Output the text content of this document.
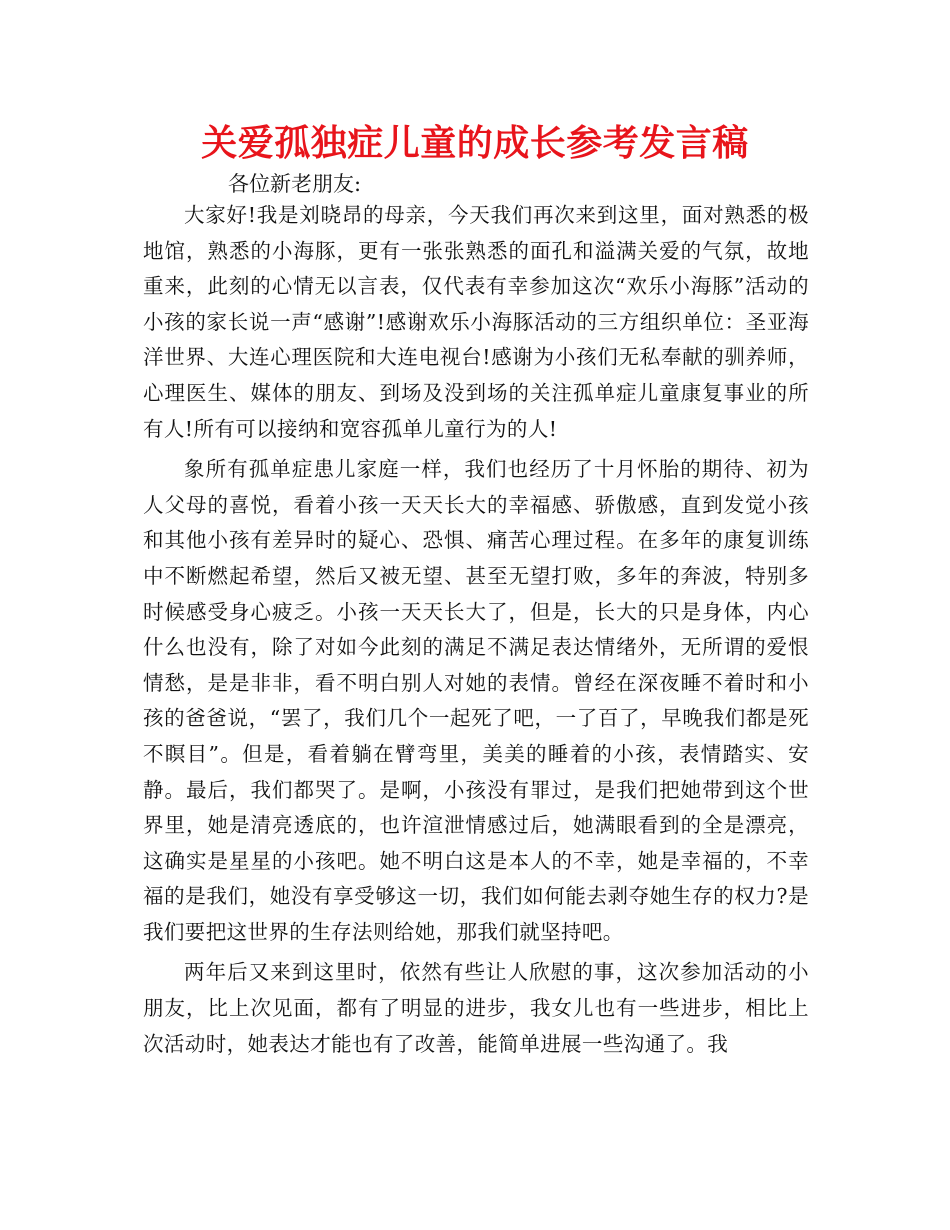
关爱孤独症儿童的成长参考发言稿
各位新老朋友:

大家好!我是刘晓昂的母亲，今天我们再次来到这里，面对熟悉的极地馆，熟悉的小海豚，更有一张张熟悉的面孔和溢满关爱的气氛，故地重来，此刻的心情无以言表，仅代表有幸参加这次“欢乐小海豚”活动的小孩的家长说一声“感谢”!感谢欢乐小海豚活动的三方组织单位：圣亚海洋世界、大连心理医院和大连电视台!感谢为小孩们无私奉献的驯养师，心理医生、媒体的朋友、到场及没到场的关注孤单症儿童康复事业的所有人!所有可以接纳和宽容孤单儿童行为的人!

象所有孤单症患儿家庭一样，我们也经历了十月怀胎的期待、初为人父母的喜悦，看着小孩一天天长大的幸福感、骄傲感，直到发觉小孩和其他小孩有差异时的疑心、恐惧、痛苦心理过程。在多年的康复训练中不断燃起希望，然后又被无望、甚至无望打败，多年的奔波，特别多时候感受身心疲乏。小孩一天天长大了，但是，长大的只是身体，内心什么也没有，除了对如今此刻的满足不满足表达情绪外，无所谓的爱恨情愁，是是非非，看不明白别人对她的表情。曾经在深夜睡不着时和小孩的爸爸说，“罢了，我们几个一起死了吧，一了百了，早晚我们都是死不瞑目”。但是，看着躺在臂弯里，美美的睡着的小孩，表情踏实、安静。最后，我们都哭了。是啊，小孩没有罪过，是我们把她带到这个世界里，她是清亮透底的，也许渲泄情感过后，她满眼看到的全是漂亮，这确实是星星的小孩吧。她不明白这是本人的不幸，她是幸福的，不幸福的是我们，她没有享受够这一切，我们如何能去剥夺她生存的权力?是我们要把这世界的生存法则给她，那我们就坚持吧。

两年后又来到这里时，依然有些让人欣慰的事，这次参加活动的小朋友，比上次见面，都有了明显的进步，我女儿也有一些进步，相比上次活动时，她表达才能也有了改善，能简单进展一些沟通了。我
